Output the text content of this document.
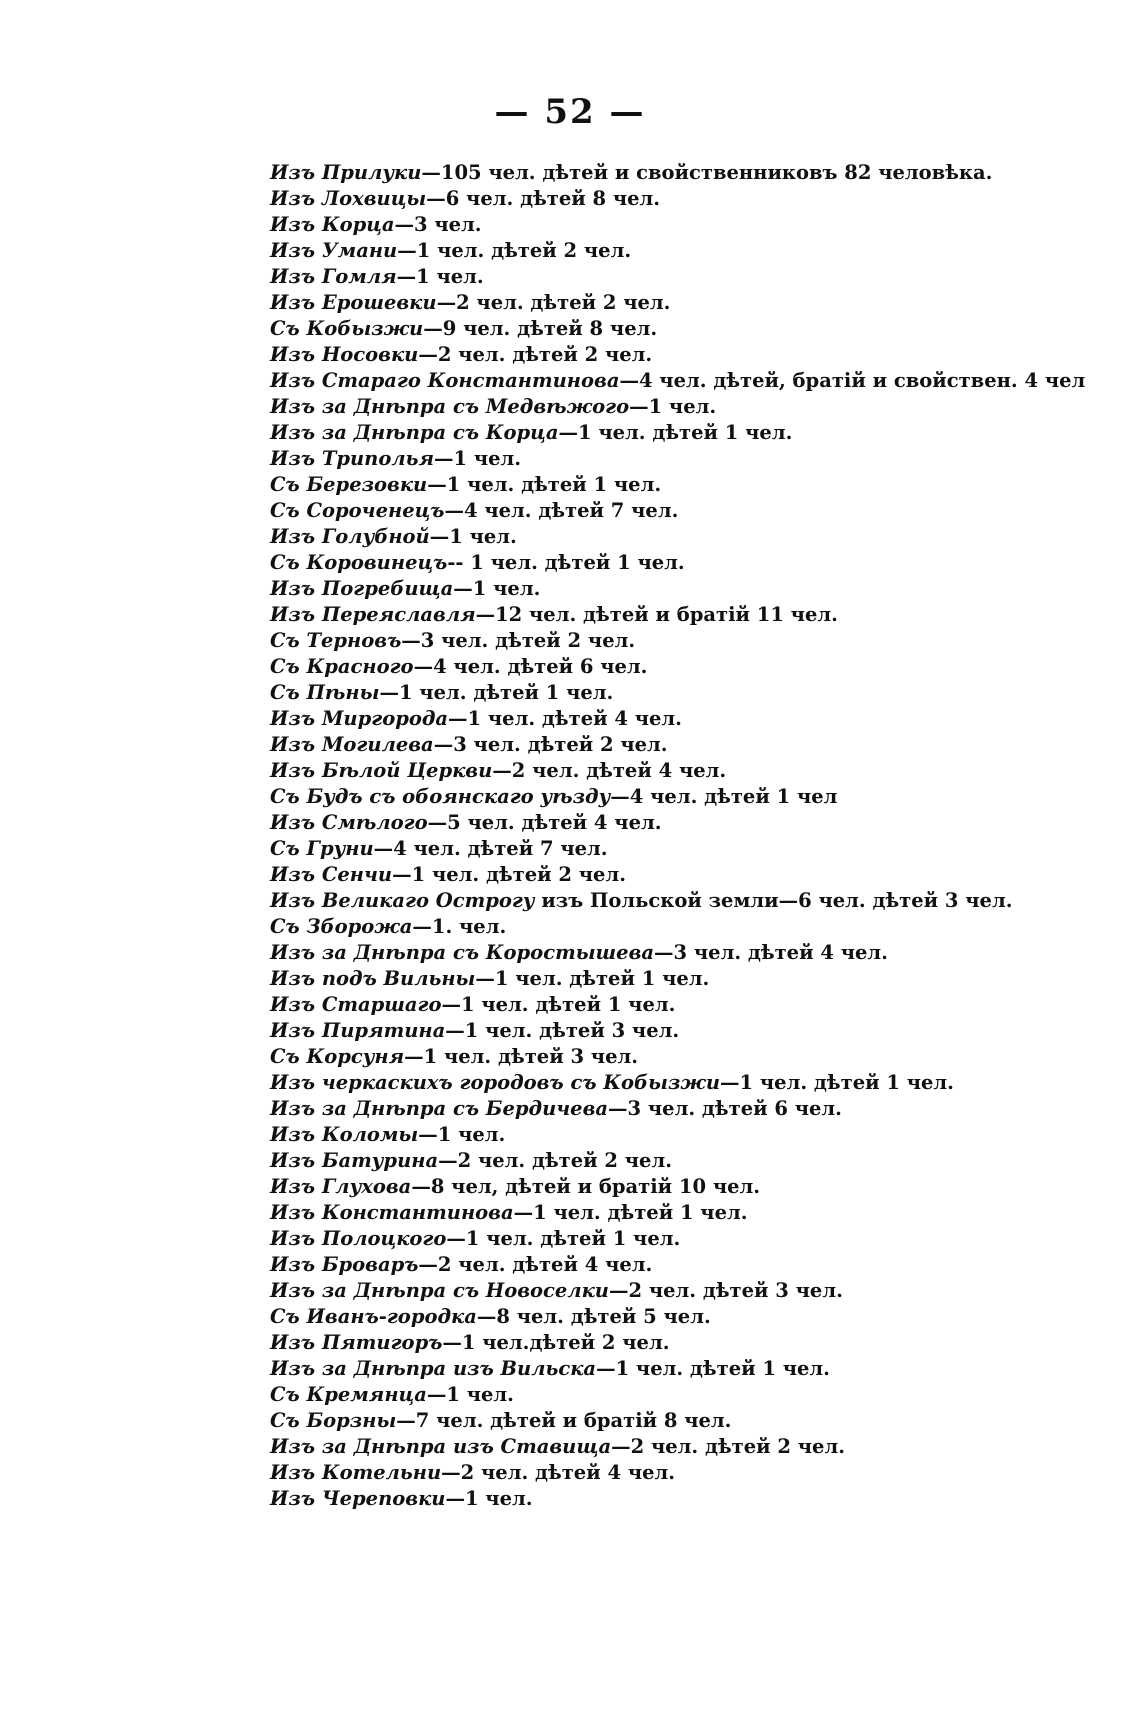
— 52 —
Изъ Прилуки—105 чел. дѣтей и свойственниковъ 82 человѣка.
Изъ Лохвицы—6 чел. дѣтей 8 чел.
Изъ Корца—3 чел.
Изъ Умани—1 чел. дѣтей 2 чел.
Изъ Гомля—1 чел.
Изъ Ерошевки—2 чел. дѣтей 2 чел.
Съ Кобызжи—9 чел. дѣтей 8 чел.
Изъ Носовки—2 чел. дѣтей 2 чел.
Изъ Стараго Константинова—4 чел. дѣтей, братій и свойствен. 4 чел
Изъ за Днѣпра съ Медвѣжого—1 чел.
Изъ за Днѣпра съ Корца—1 чел. дѣтей 1 чел.
Изъ Триполья—1 чел.
Съ Березовки—1 чел. дѣтей 1 чел.
Съ Сороченецъ—4 чел. дѣтей 7 чел.
Изъ Голубной—1 чел.
Съ Коровинецъ-- 1 чел. дѣтей 1 чел.
Изъ Погребища—1 чел.
Изъ Переяславля—12 чел. дѣтей и братій 11 чел.
Съ Терновъ—3 чел. дѣтей 2 чел.
Съ Красного—4 чел. дѣтей 6 чел.
Съ Пѣны—1 чел. дѣтей 1 чел.
Изъ Миргорода—1 чел. дѣтей 4 чел.
Изъ Могилева—3 чел. дѣтей 2 чел.
Изъ Бѣлой Церкви—2 чел. дѣтей 4 чел.
Съ Будъ съ обоянскаго уѣзду—4 чел. дѣтей 1 чел
Изъ Смѣлого—5 чел. дѣтей 4 чел.
Съ Груни—4 чел. дѣтей 7 чел.
Изъ Сенчи—1 чел. дѣтей 2 чел.
Изъ Великаго Острогу изъ Польской земли—6 чел. дѣтей 3 чел.
Съ Зборожа—1. чел.
Изъ за Днѣпра съ Коростышева—3 чел. дѣтей 4 чел.
Изъ подъ Вильны—1 чел. дѣтей 1 чел.
Изъ Старшаго—1 чел. дѣтей 1 чел.
Изъ Пирятина—1 чел. дѣтей 3 чел.
Съ Корсуня—1 чел. дѣтей 3 чел.
Изъ черкаскихъ городовъ съ Кобызжи—1 чел. дѣтей 1 чел.
Изъ за Днѣпра съ Бердичева—3 чел. дѣтей 6 чел.
Изъ Коломы—1 чел.
Изъ Батурина—2 чел. дѣтей 2 чел.
Изъ Глухова—8 чел, дѣтей и братій 10 чел.
Изъ Константинова—1 чел. дѣтей 1 чел.
Изъ Полоцкого—1 чел. дѣтей 1 чел.
Изъ Броваръ—2 чел. дѣтей 4 чел.
Изъ за Днѣпра съ Новоселки—2 чел. дѣтей 3 чел.
Съ Иванъ-городка—8 чел. дѣтей 5 чел.
Изъ Пятигоръ—1 чел.дѣтей 2 чел.
Изъ за Днѣпра изъ Вильска—1 чел. дѣтей 1 чел.
Съ Кремянца—1 чел.
Съ Борзны—7 чел. дѣтей и братій 8 чел.
Изъ за Днѣпра изъ Ставища—2 чел. дѣтей 2 чел.
Изъ Котельни—2 чел. дѣтей 4 чел.
Изъ Череповки—1 чел.
